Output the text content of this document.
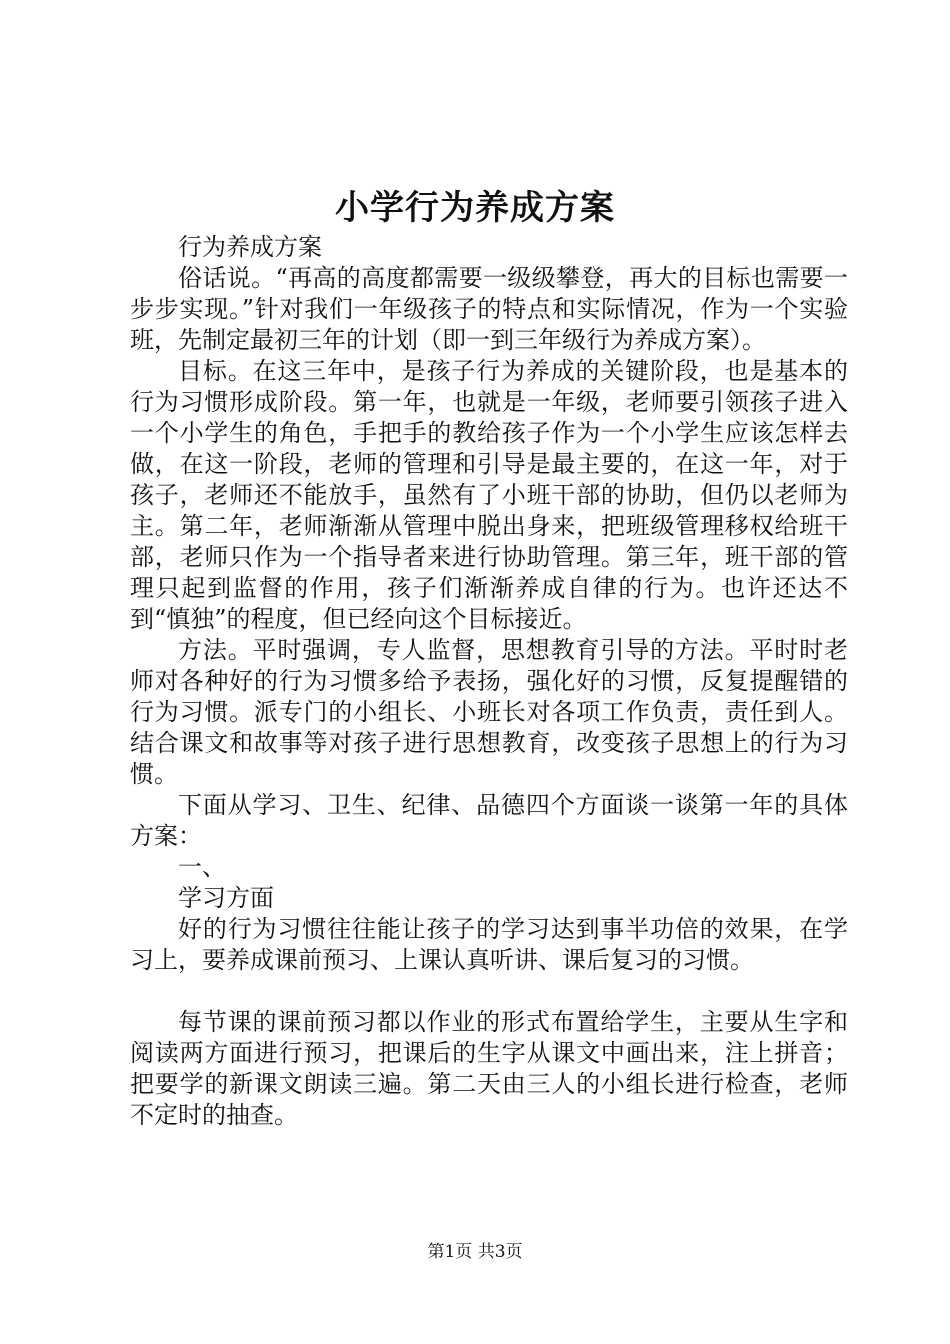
小学行为养成方案

行为养成方案

俗话说。“再高的高度都需要一级级攀登，再大的目标也需要一步步实现。”针对我们一年级孩子的特点和实际情况，作为一个实验班，先制定最初三年的计划（即一到三年级行为养成方案）。

目标。在这三年中，是孩子行为养成的关键阶段，也是基本的行为习惯形成阶段。第一年，也就是一年级，老师要引领孩子进入一个小学生的角色，手把手的教给孩子作为一个小学生应该怎样去做，在这一阶段，老师的管理和引导是最主要的，在这一年，对于孩子，老师还不能放手，虽然有了小班干部的协助，但仍以老师为主。第二年，老师渐渐从管理中脱出身来，把班级管理移权给班干部，老师只作为一个指导者来进行协助管理。第三年，班干部的管理只起到监督的作用，孩子们渐渐养成自律的行为。也许还达不到“慎独”的程度，但已经向这个目标接近。

方法。平时强调，专人监督，思想教育引导的方法。平时时老师对各种好的行为习惯多给予表扬，强化好的习惯，反复提醒错的行为习惯。派专门的小组长、小班长对各项工作负责，责任到人。结合课文和故事等对孩子进行思想教育，改变孩子思想上的行为习惯。

下面从学习、卫生、纪律、品德四个方面谈一谈第一年的具体方案：

一、

学习方面

好的行为习惯往往能让孩子的学习达到事半功倍的效果，在学习上，要养成课前预习、上课认真听讲、课后复习的习惯。

每节课的课前预习都以作业的形式布置给学生，主要从生字和阅读两方面进行预习，把课后的生字从课文中画出来，注上拼音；把要学的新课文朗读三遍。第二天由三人的小组长进行检查，老师不定时的抽查。

第1页 共3页
